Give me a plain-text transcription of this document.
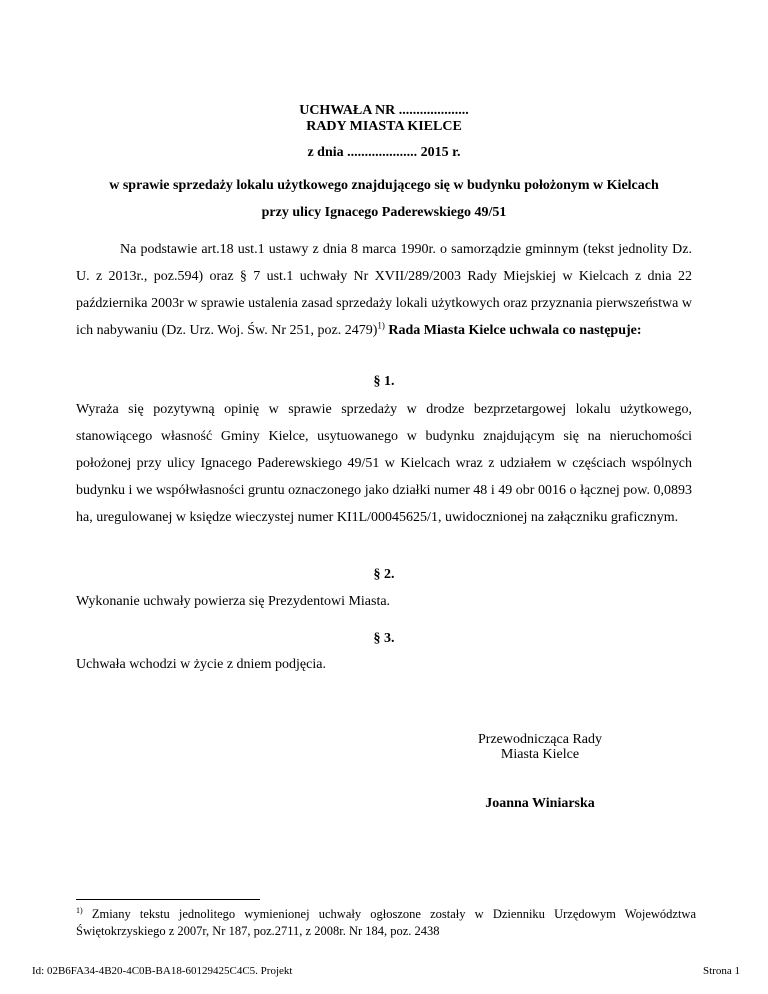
UCHWAŁA NR ....................
RADY MIASTA KIELCE
z dnia .................... 2015 r.
w sprawie sprzedaży lokalu użytkowego znajdującego się w budynku położonym w Kielcach
przy ulicy Ignacego Paderewskiego 49/51
Na podstawie art.18 ust.1 ustawy z dnia 8 marca 1990r. o samorządzie gminnym (tekst jednolity Dz. U. z 2013r., poz.594) oraz § 7 ust.1 uchwały Nr XVII/289/2003 Rady Miejskiej w Kielcach z dnia 22 października 2003r w sprawie ustalenia zasad sprzedaży lokali użytkowych oraz przyznania pierwszeństwa w ich nabywaniu (Dz. Urz. Woj. Św. Nr 251, poz. 2479)$^{1)}$ Rada Miasta Kielce uchwala co następuje:
§ 1.
Wyraża się pozytywną opinię w sprawie sprzedaży w drodze bezprzetargowej lokalu użytkowego, stanowiącego własność Gminy Kielce, usytuowanego w budynku znajdującym się na nieruchomości położonej przy ulicy Ignacego Paderewskiego 49/51 w Kielcach wraz z udziałem w częściach wspólnych budynku i we współwłasności gruntu oznaczonego jako działki numer 48 i 49 obr 0016 o łącznej pow. 0,0893 ha, uregulowanej w księdze wieczystej numer KI1L/00045625/1, uwidocznionej na załączniku graficznym.
§ 2.
Wykonanie uchwały powierza się Prezydentowi Miasta.
§ 3.
Uchwała wchodzi w życie z dniem podjęcia.
Przewodnicząca Rady
Miasta Kielce
Joanna Winiarska
$^{1)}$ Zmiany tekstu jednolitego wymienionej uchwały ogłoszone zostały w Dzienniku Urzędowym Województwa Świętokrzyskiego z 2007r, Nr 187, poz.2711, z 2008r. Nr 184, poz. 2438
Id: 02B6FA34-4B20-4C0B-BA18-60129425C4C5. Projekt	Strona 1
